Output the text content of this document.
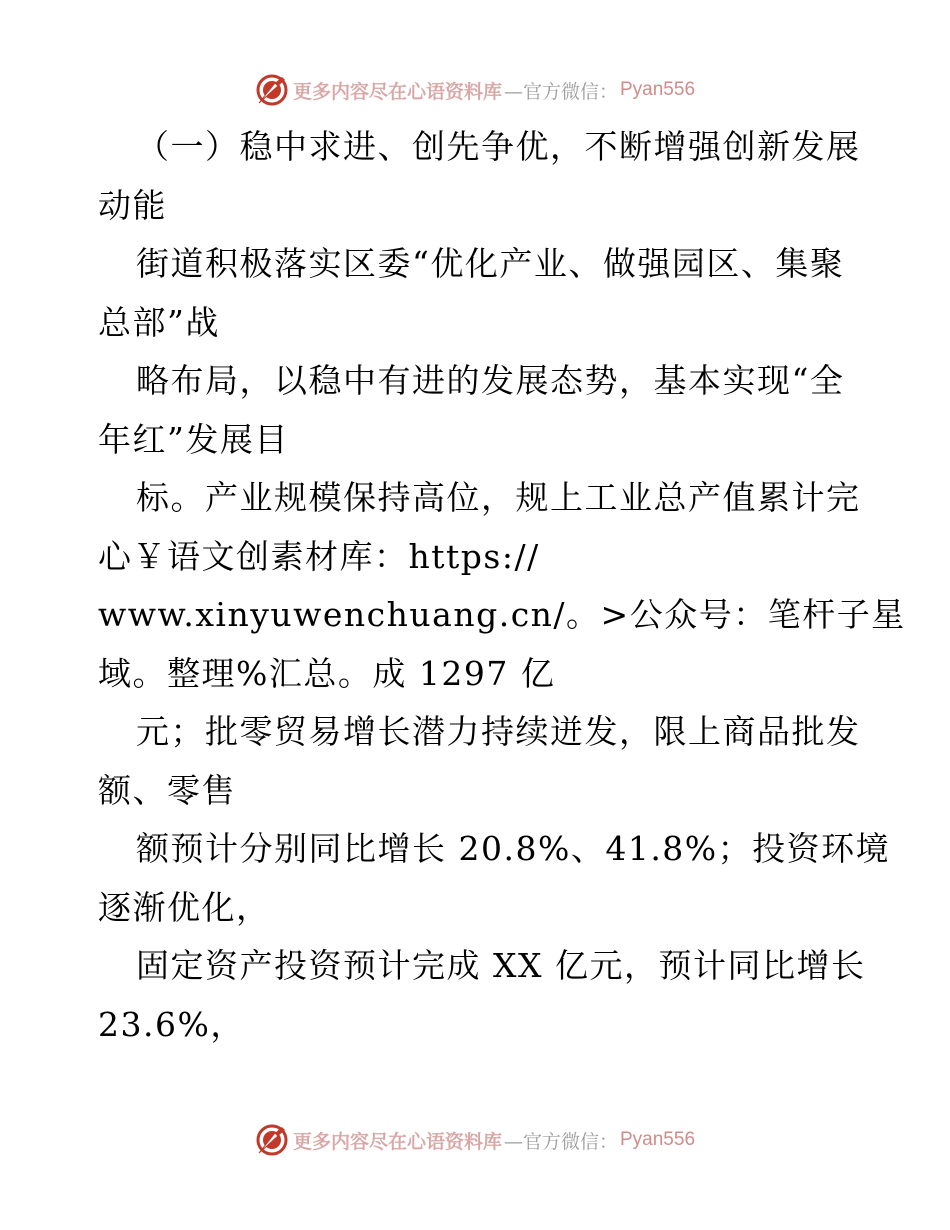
更多内容尽在心语资料库 —官方微信： Pyan556
（一）稳中求进、创先争优，不断增强创新发展
动能
街道积极落实区委“优化产业、做强园区、集聚
总部”战
略布局，以稳中有进的发展态势，基本实现“全
年红”发展目
标。产业规模保持高位，规上工业总产值累计完
心￥语文创素材库：https://
www.xinyuwenchuang.cn/。>公众号：笔杆子星
域。整理%汇总。成 1297 亿
元；批零贸易增长潜力持续迸发，限上商品批发
额、零售
额预计分别同比增长 20.8%、41.8%；投资环境
逐渐优化，
固定资产投资预计完成 XX 亿元，预计同比增长
23.6%，
更多内容尽在心语资料库 —官方微信： Pyan556
